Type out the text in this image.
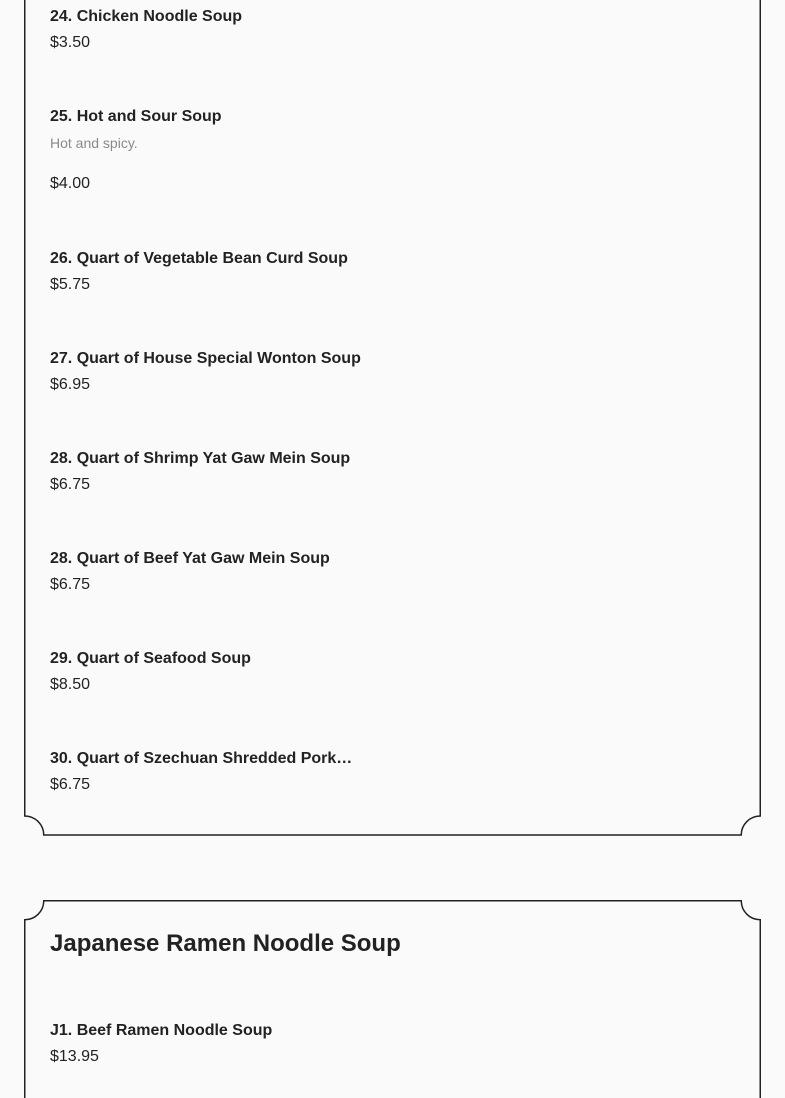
24. Chicken Noodle Soup
$3.50
25. Hot and Sour Soup
Hot and spicy.
$4.00
26. Quart of Vegetable Bean Curd Soup
$5.75
27. Quart of House Special Wonton Soup
$6.95
28. Quart of Shrimp Yat Gaw Mein Soup
$6.75
28. Quart of Beef Yat Gaw Mein Soup
$6.75
29. Quart of Seafood Soup
$8.50
30. Quart of Szechuan Shredded Pork…
$6.75
Japanese Ramen Noodle Soup
J1. Beef Ramen Noodle Soup
$13.95
